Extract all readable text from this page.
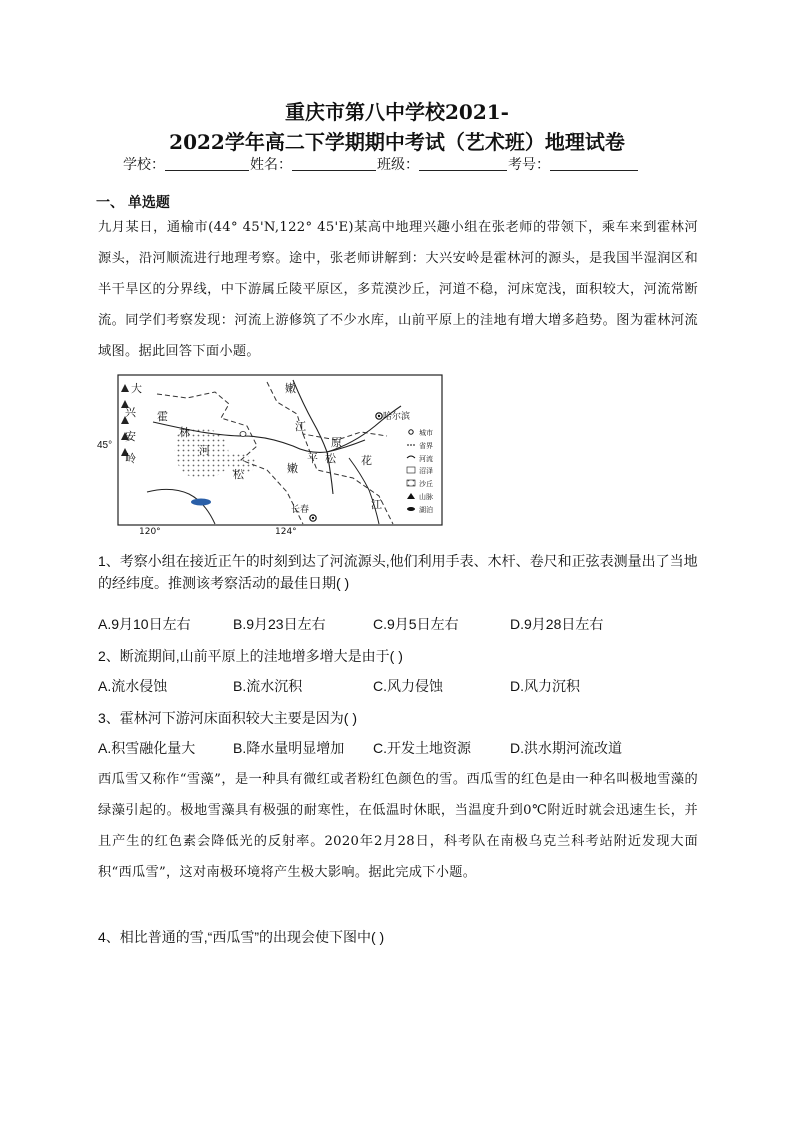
重庆市第八中学校2021-
2022学年高二下学期期中考试（艺术班）地理试卷
学校：	姓名：	班级：	考号：
一、 单选题
九月某日，通榆市(44° 45'N,122° 45'E)某高中地理兴趣小组在张老师的带领下，乘车来到霍林河源头，沿河顺流进行地理考察。途中，张老师讲解到：大兴安岭是霍林河的源头，是我国半湿润区和半干旱区的分界线，中下游属丘陵平原区，多荒漠沙丘，河道不稳，河床宽浅，面积较大，河流常断流。同学们考察发现：河流上游修筑了不少水库，山前平原上的洼地有增大增多趋势。图为霍林河流域图。据此回答下面小题。
大
兴
安
岭
霍
林
河
松
嫩
江
原
平 松
嫩
花
江
哈尔滨
长春
城市
省界
河流
沼泽
沙丘
山脉
湖泊
120°	124°
45°
1、考察小组在接近正午的时刻到达了河流源头,他们利用手表、木杆、卷尺和正弦表测量出了当地的经纬度。推测该考察活动的最佳日期( )
A.9月10日左右	B.9月23日左右	C.9月5日左右	D.9月28日左右
2、断流期间,山前平原上的洼地增多增大是由于( )
A.流水侵蚀	B.流水沉积	C.风力侵蚀	D.风力沉积
3、霍林河下游河床面积较大主要是因为( )
A.积雪融化量大	B.降水量明显增加 C.开发土地资源	D.洪水期河流改道
西瓜雪又称作“雪藻”，是一种具有微红或者粉红色颜色的雪。西瓜雪的红色是由一种名叫极地雪藻的绿藻引起的。极地雪藻具有极强的耐寒性，在低温时休眠，当温度升到0℃附近时就会迅速生长，并且产生的红色素会降低光的反射率。2020年2月28日，科考队在南极乌克兰科考站附近发现大面积“西瓜雪”，这对南极环境将产生极大影响。据此完成下小题。
4、相比普通的雪,“西瓜雪”的出现会使下图中( )
